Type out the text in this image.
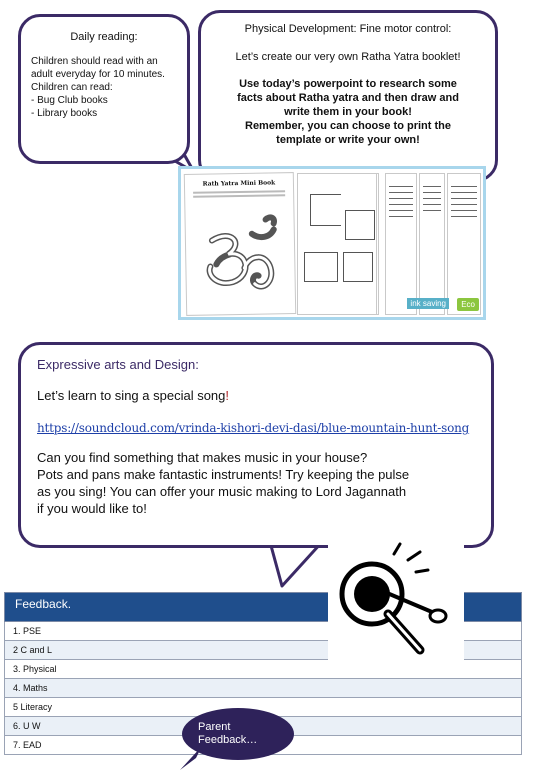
Daily reading:
Children should read with an
adult everyday for 10 minutes.
Children can read:
- Bug Club books
- Library books
Physical Development: Fine motor control:
Let’s create our very own Ratha Yatra booklet!
Use today’s powerpoint to research some
facts about Ratha yatra and then draw and
write them in your book!
Remember, you can choose to print the
template or write your own!
Rath Yatra Mini Book
ink saving	Eco
Expressive arts and Design:
Let’s learn to sing a special song!
https://soundcloud.com/vrinda-kishori-devi-dasi/blue-mountain-hunt-song
Can you find something that makes music in your house?
Pots and pans make fantastic instruments! Try keeping the pulse
as you sing! You can offer your music making to Lord Jagannath
if you would like to!
Feedback.
1. PSE
2 C and L
3. Physical
4. Maths
5 Literacy
6. U W
7. EAD
Parent
Feedback…
